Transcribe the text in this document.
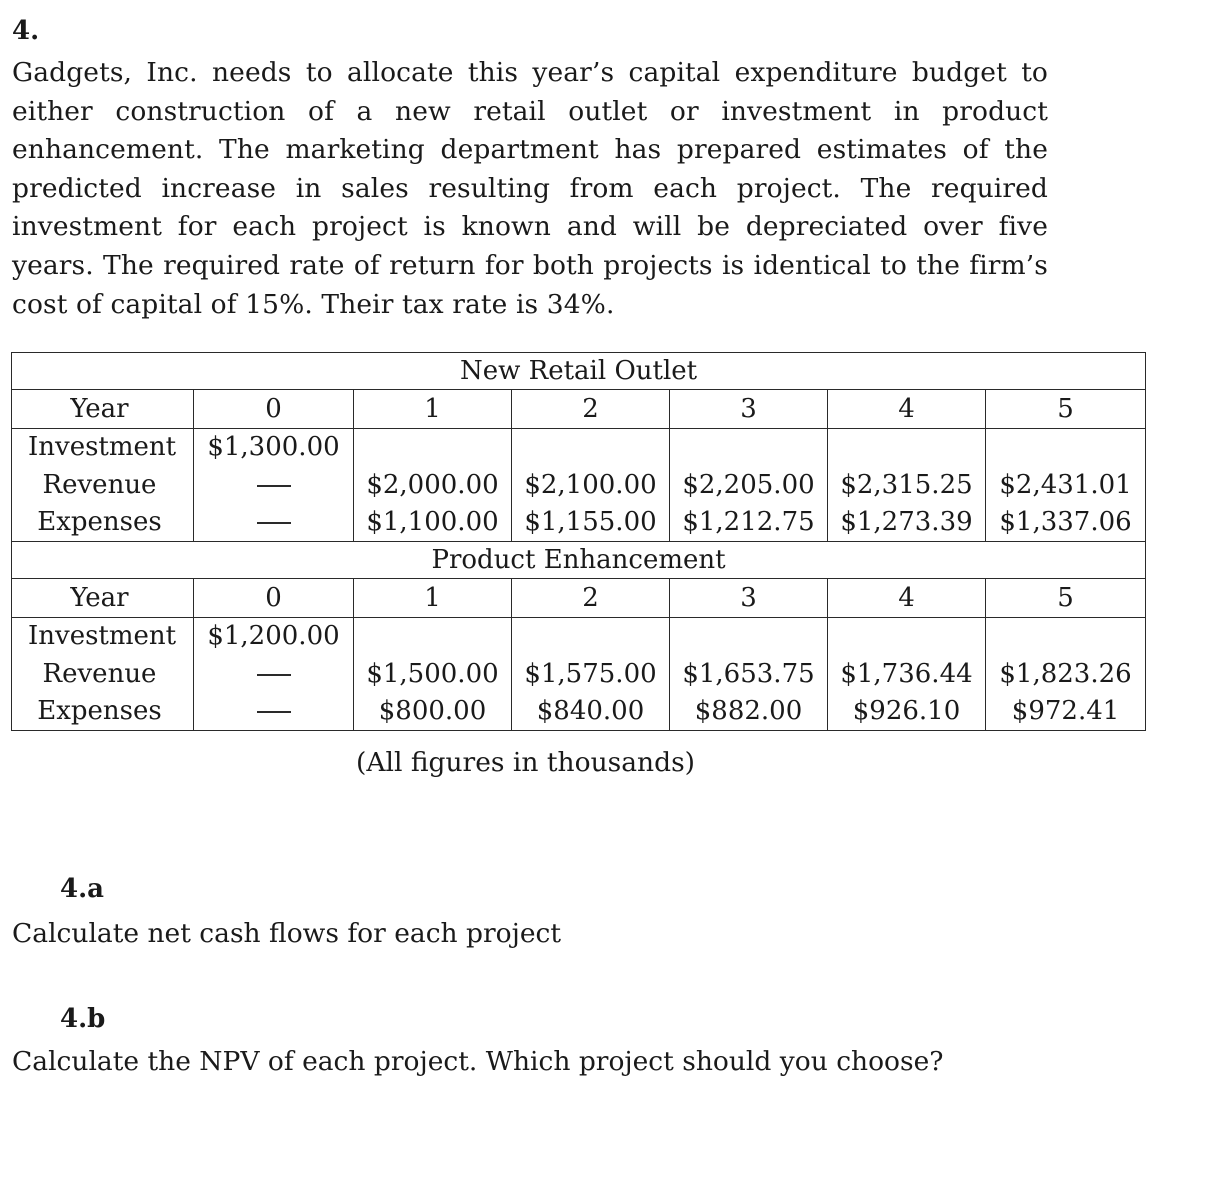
4.
Gadgets, Inc. needs to allocate this year’s capital expenditure budget to either construction of a new retail outlet or investment in product enhancement. The marketing department has prepared estimates of the predicted increase in sales resulting from each project. The required investment for each project is known and will be depreciated over five years. The required rate of return for both projects is identical to the firm’s cost of capital of 15%. Their tax rate is 34%.
New Retail Outlet						
Year	0	1	2	3	4	5
Investment	$1,300.00					
Revenue		$2,000.00	$2,100.00	$2,205.00	$2,315.25	$2,431.01
Expenses		$1,100.00	$1,155.00	$1,212.75	$1,273.39	$1,337.06
Product Enhancement						
Year	0	1	2	3	4	5
Investment	$1,200.00					
Revenue		$1,500.00	$1,575.00	$1,653.75	$1,736.44	$1,823.26
Expenses		$800.00	$840.00	$882.00	$926.10	$972.41
(All figures in thousands)
4.a
Calculate net cash flows for each project
4.b
Calculate the NPV of each project. Which project should you choose?
